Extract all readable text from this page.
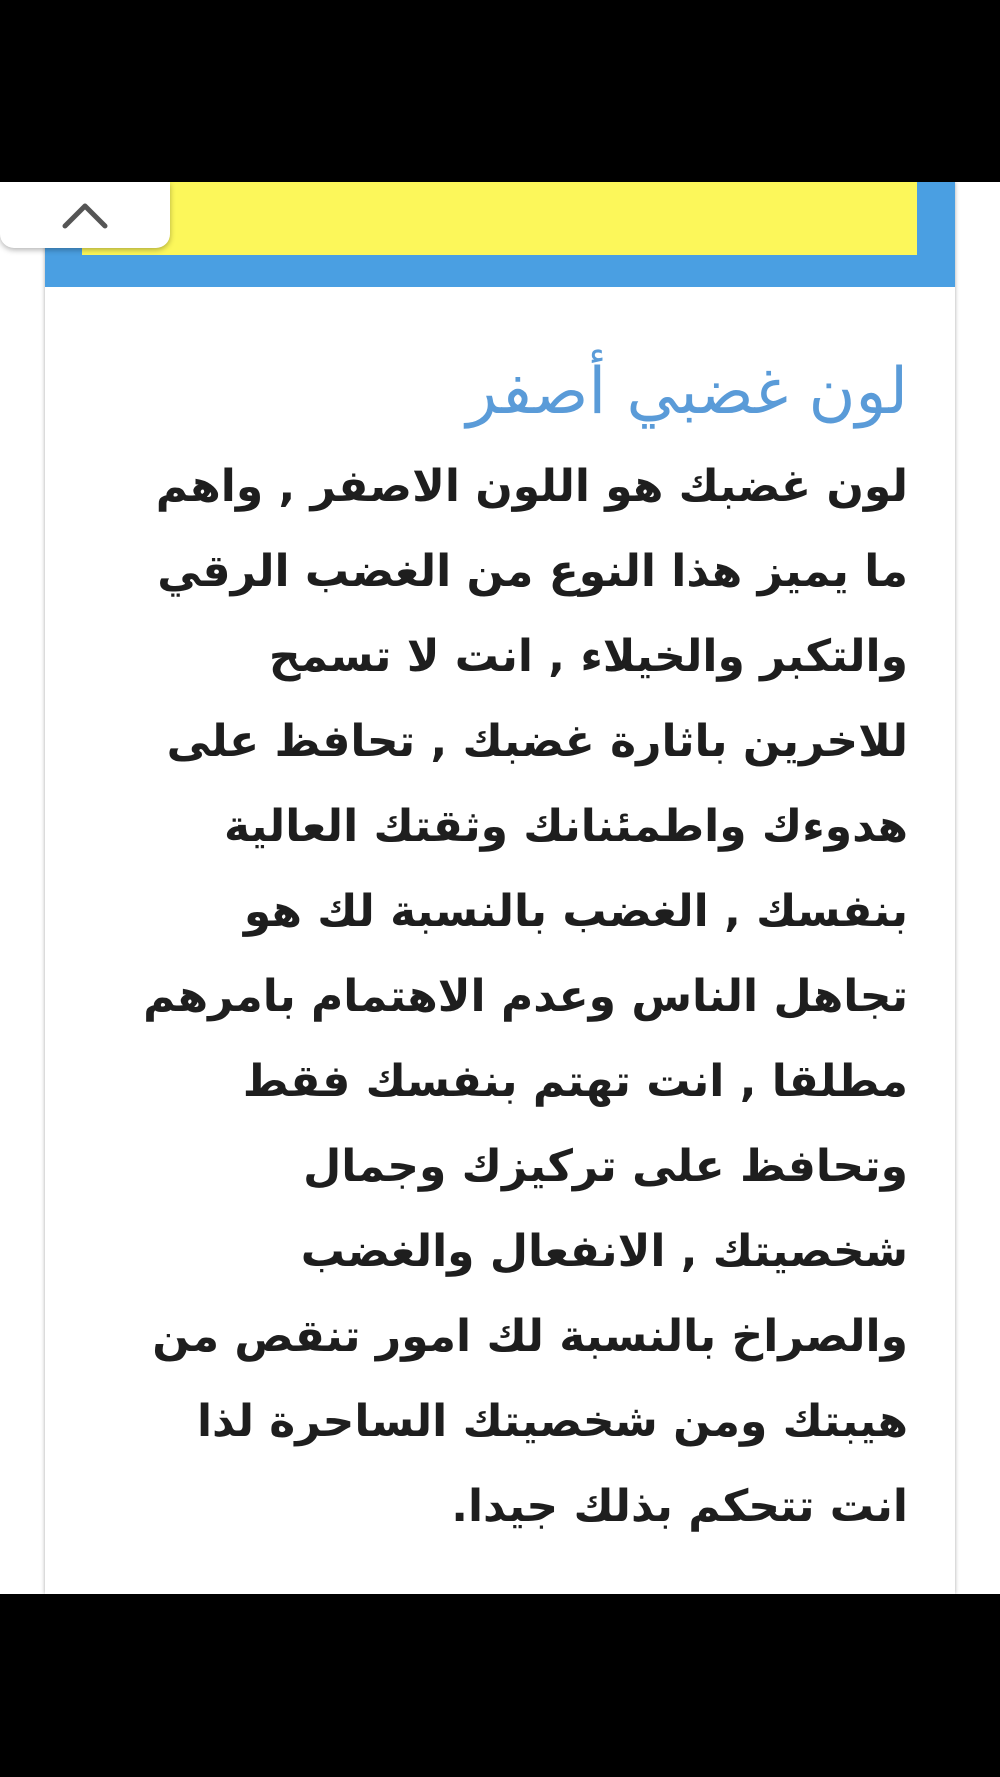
لون غضبي أصفر

لون غضبك هو اللون الاصفر , واهم
ما يميز هذا النوع من الغضب الرقي
والتكبر والخيلاء , انت لا تسمح
للاخرين باثارة غضبك , تحافظ على
هدوءك واطمئنانك وثقتك العالية
بنفسك , الغضب بالنسبة لك هو
تجاهل الناس وعدم الاهتمام بامرهم
مطلقا , انت تهتم بنفسك فقط
وتحافظ على تركيزك وجمال
شخصيتك , الانفعال والغضب
والصراخ بالنسبة لك امور تنقص من
هيبتك ومن شخصيتك الساحرة لذا
انت تتحكم بذلك جيدا.
